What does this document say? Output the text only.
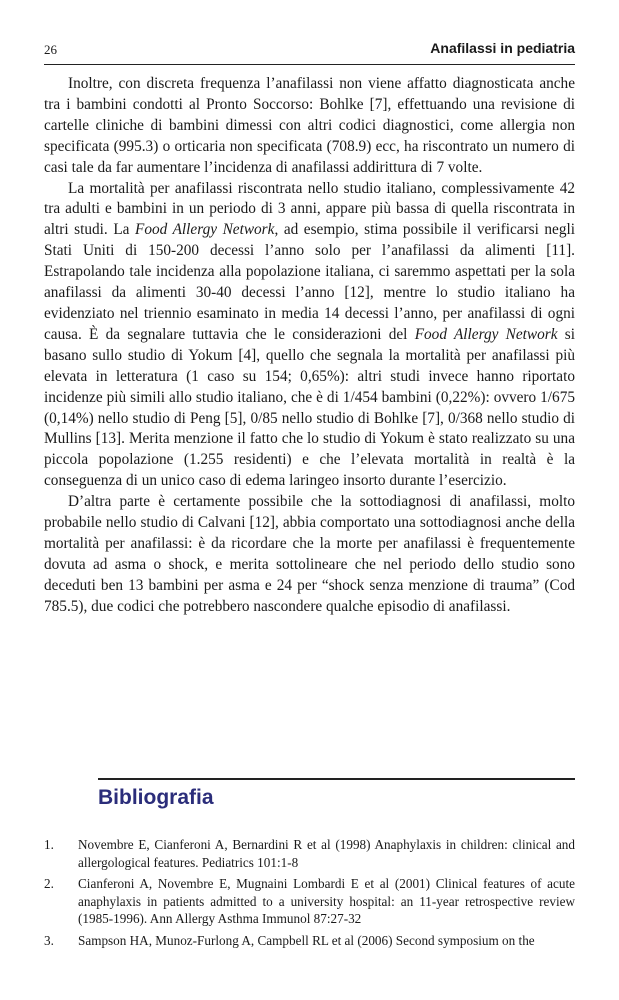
26	Anafilassi in pediatria

Inoltre, con discreta frequenza l’anafilassi non viene affatto diagnosticata anche tra i bambini condotti al Pronto Soccorso: Bohlke [7], effettuando una revisione di cartelle cliniche di bambini dimessi con altri codici diagnostici, come allergia non specificata (995.3) o orticaria non specificata (708.9) ecc, ha riscontrato un numero di casi tale da far aumentare l’incidenza di anafilassi addirittura di 7 volte.

La mortalità per anafilassi riscontrata nello studio italiano, complessivamente 42 tra adulti e bambini in un periodo di 3 anni, appare più bassa di quella riscontrata in altri studi. La Food Allergy Network, ad esempio, stima possibile il verificarsi negli Stati Uniti di 150-200 decessi l’anno solo per l’anafilassi da alimenti [11]. Estrapolando tale incidenza alla popolazione italiana, ci saremmo aspettati per la sola anafilassi da alimenti 30-40 decessi l’anno [12], mentre lo studio italiano ha evidenziato nel triennio esaminato in media 14 decessi l’anno, per anafilassi di ogni causa. È da segnalare tuttavia che le considerazioni del Food Allergy Network si basano sullo studio di Yokum [4], quello che segnala la mortalità per anafilassi più elevata in letteratura (1 caso su 154; 0,65%): altri studi invece hanno riportato incidenze più simili allo studio italiano, che è di 1/454 bambini (0,22%): ovvero 1/675 (0,14%) nello studio di Peng [5], 0/85 nello studio di Bohlke [7], 0/368 nello studio di Mullins [13]. Merita menzione il fatto che lo studio di Yokum è stato realizzato su una piccola popolazione (1.255 residenti) e che l’elevata mortalità in realtà è la conseguenza di un unico caso di edema laringeo insorto durante l’esercizio.

D’altra parte è certamente possibile che la sottodiagnosi di anafilassi, molto probabile nello studio di Calvani [12], abbia comportato una sottodiagnosi anche della mortalità per anafilassi: è da ricordare che la morte per anafilassi è frequentemente dovuta ad asma o shock, e merita sottolineare che nel periodo dello studio sono deceduti ben 13 bambini per asma e 24 per “shock senza menzione di trauma” (Cod 785.5), due codici che potrebbero nascondere qualche episodio di anafilassi.

Bibliografia
1.	Novembre E, Cianferoni A, Bernardini R et al (1998) Anaphylaxis in children: clinical and allergological features. Pediatrics 101:1-8
2.	Cianferoni A, Novembre E, Mugnaini Lombardi E et al (2001) Clinical features of acute anaphylaxis in patients admitted to a university hospital: an 11-year retrospective review (1985-1996). Ann Allergy Asthma Immunol 87:27-32
3.	Sampson HA, Munoz-Furlong A, Campbell RL et al (2006) Second symposium on the
